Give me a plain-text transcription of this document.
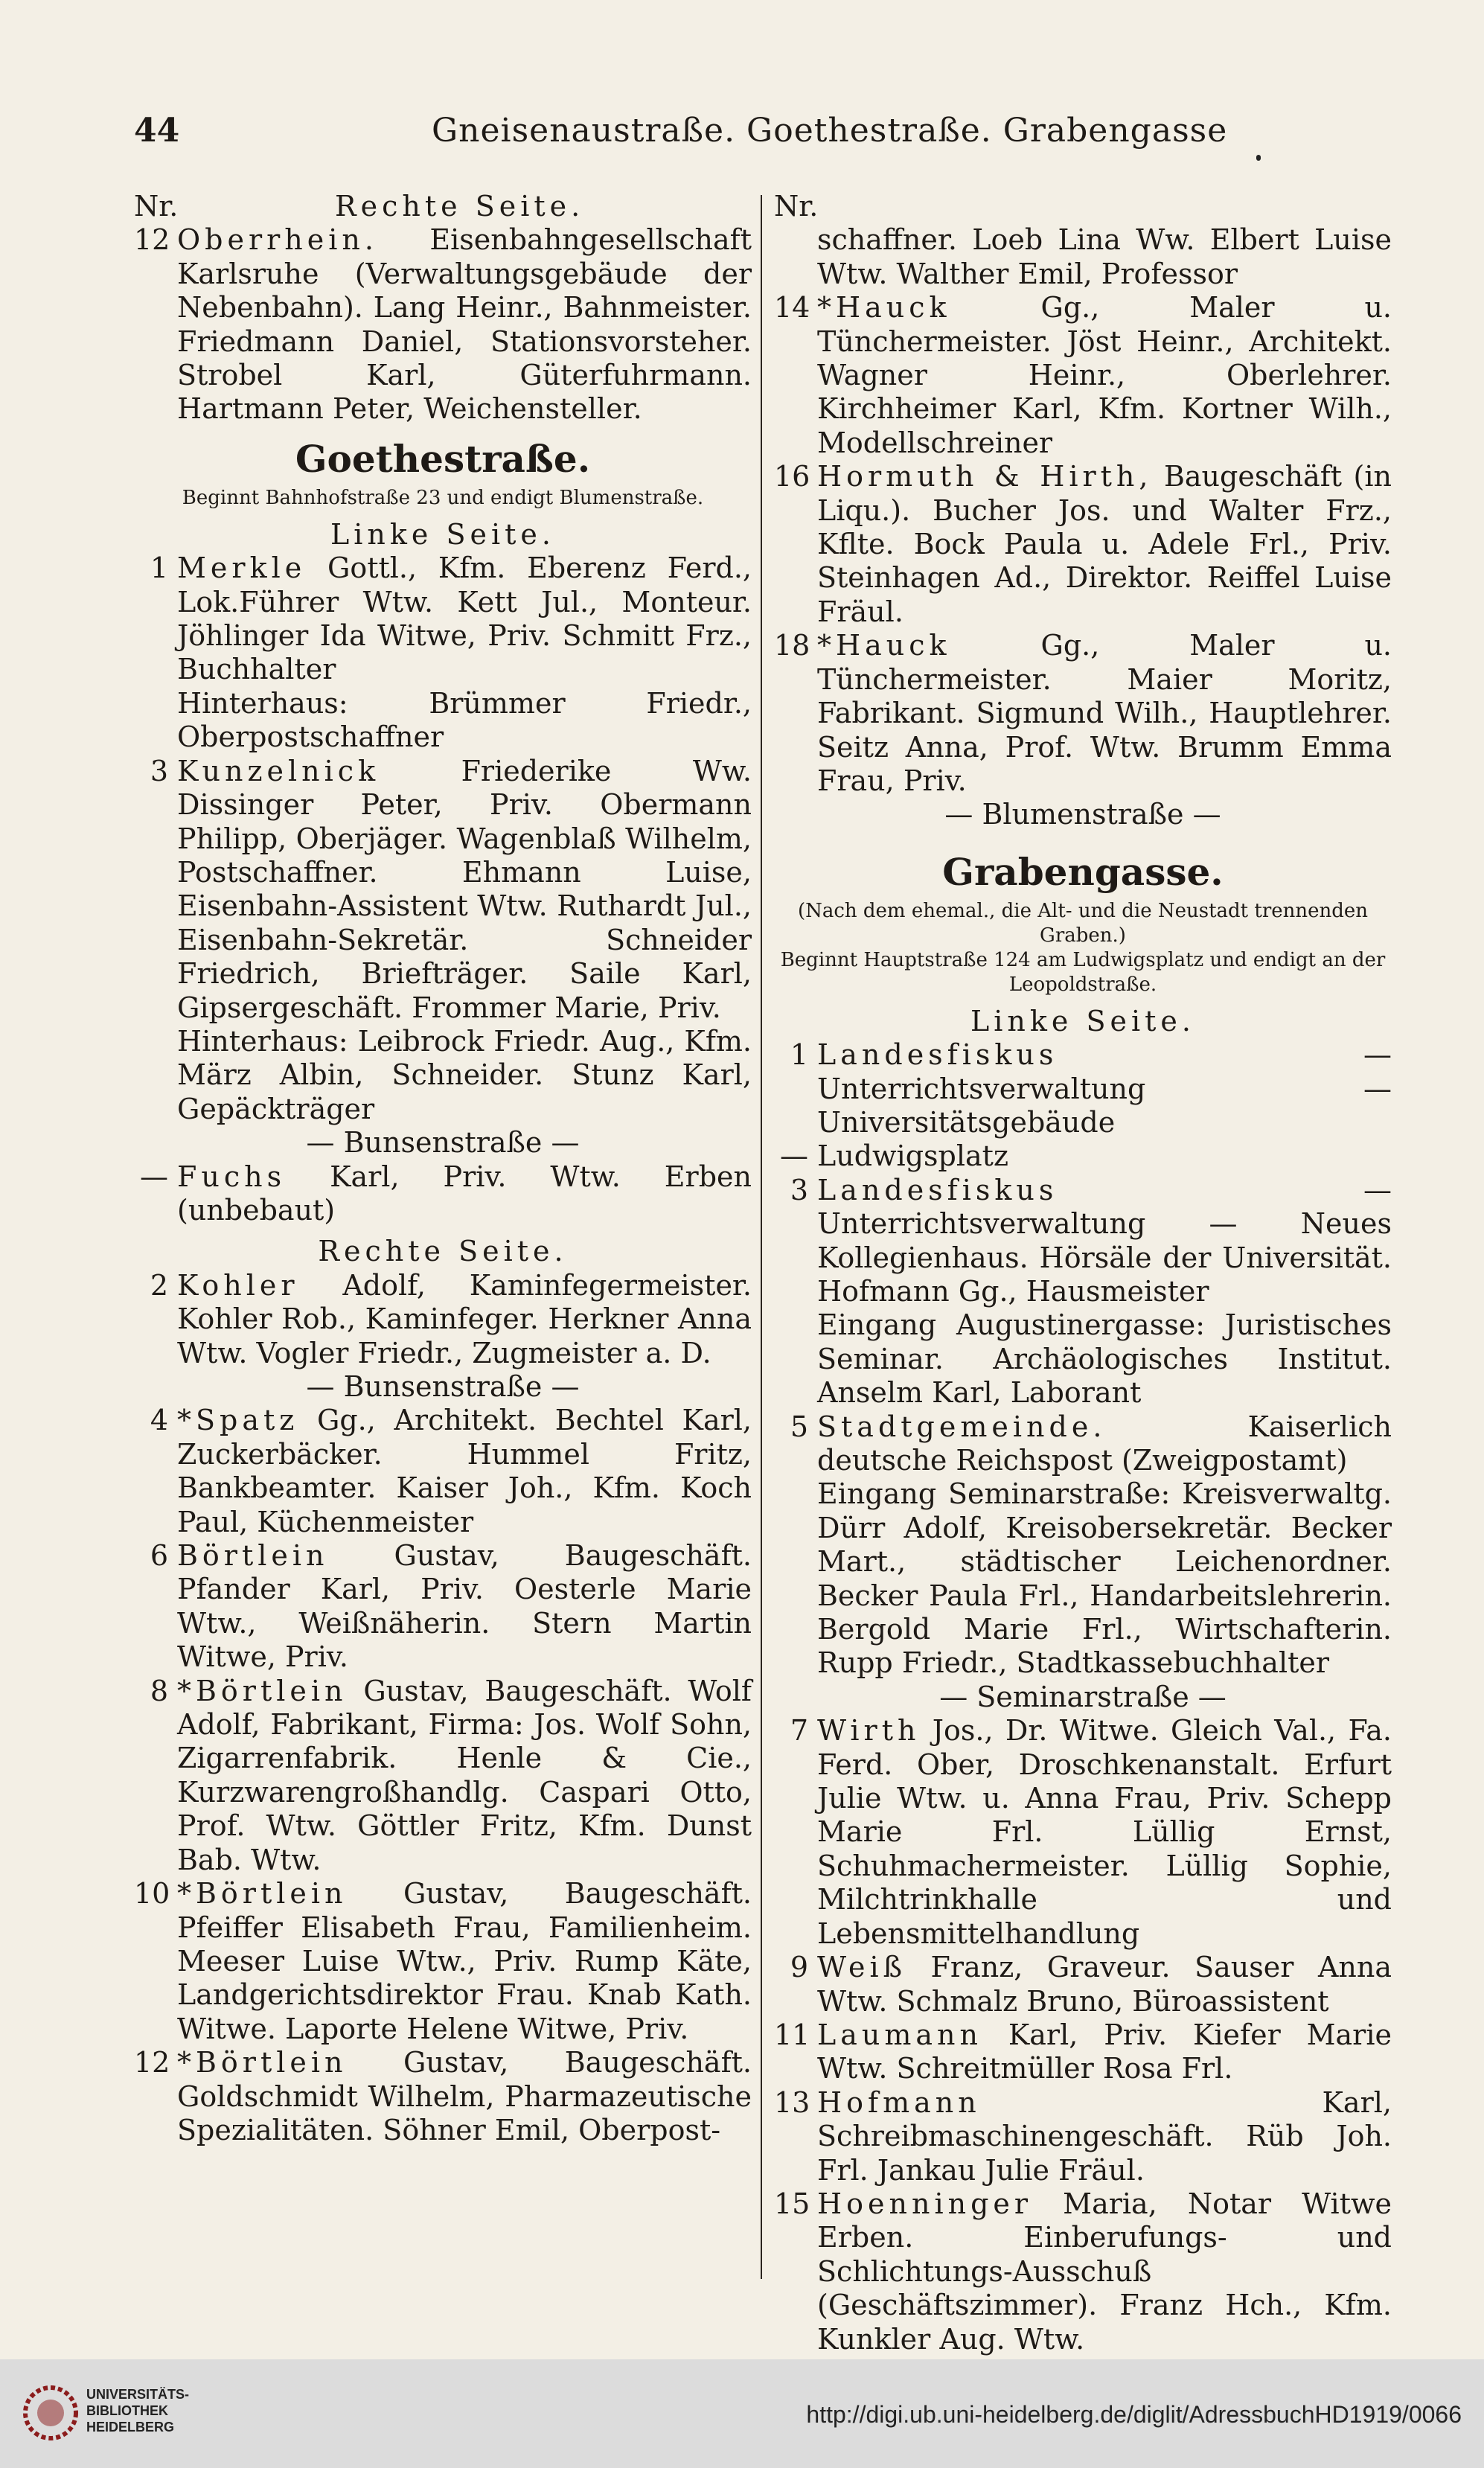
44	Gneisenaustraße. Goethestraße. Grabengasse
Nr.	Rechte Seite.
12 Oberrhein. Eisenbahngesellschaft Karlsruhe (Verwaltungsgebäude der Nebenbahn). Lang Heinr., Bahnmeister. Friedmann Daniel, Stationsvorsteher. Strobel Karl, Güterfuhrmann. Hartmann Peter, Weichensteller.
Goethestraße.
Beginnt Bahnhofstraße 23 und endigt Blumenstraße.
Linke Seite.
1 Merkle Gottl., Kfm. Eberenz Ferd., Lok.Führer Wtw. Kett Jul., Monteur. Jöhlinger Ida Witwe, Priv. Schmitt Frz., Buchhalter
Hinterhaus: Brümmer Friedr., Oberpostschaffner
3 Kunzelnick	Friederike Ww. Dissinger Peter, Priv. Obermann Philipp, Oberjäger. Wagenblaß Wilhelm, Postschaffner. Ehmann Luise, Eisenbahn-Assistent Wtw. Ruthardt Jul., Eisenbahn-Sekretär. Schneider Friedrich, Briefträger. Saile Karl, Gipsergeschäft. Frommer Marie, Priv.
Hinterhaus: Leibrock Friedr. Aug., Kfm. März Albin, Schneider. Stunz Karl, Gepäckträger
— Bunsenstraße —
— Fuchs Karl, Priv. Wtw. Erben (unbebaut)
Rechte Seite.
2 Kohler Adolf, Kaminfegermeister. Kohler Rob., Kaminfeger. Herkner Anna Wtw. Vogler Friedr., Zugmeister a. D.
— Bunsenstraße —
4 *Spatz Gg., Architekt. Bechtel Karl, Zuckerbäcker. Hummel Fritz, Bankbeamter. Kaiser Joh., Kfm. Koch Paul, Küchenmeister
6 Börtlein Gustav, Baugeschäft. Pfander Karl, Priv. Oesterle Marie Wtw., Weißnäherin. Stern Martin Witwe, Priv.
8 *Börtlein Gustav, Baugeschäft. Wolf Adolf, Fabrikant, Firma: Jos. Wolf Sohn, Zigarrenfabrik. Henle & Cie., Kurzwarengroßhandlg. Caspari Otto, Prof. Wtw. Göttler Fritz, Kfm. Dunst Bab. Wtw.
10 *Börtlein Gustav, Baugeschäft. Pfeiffer Elisabeth Frau, Familienheim. Meeser Luise Wtw., Priv. Rump Käte, Landgerichtsdirektor Frau. Knab Kath. Witwe. Laporte Helene Witwe, Priv.
12 *Börtlein Gustav, Baugeschäft. Goldschmidt Wilhelm, Pharmazeutische Spezialitäten. Söhner Emil, Oberpost-
Nr.
schaffner. Loeb Lina Ww. Elbert Luise Wtw. Walther Emil, Professor
14 *Hauck	Gg., Maler u. Tünchermeister. Jöst Heinr., Architekt. Wagner Heinr., Oberlehrer. Kirchheimer Karl, Kfm. Kortner Wilh., Modellschreiner
16 Hormuth & Hirth, Baugeschäft (in Liqu.). Bucher Jos. und Walter Frz., Kflte. Bock Paula u. Adele Frl., Priv. Steinhagen Ad., Direktor. Reiffel Luise Fräul.
18 *Hauck	Gg., Maler u. Tünchermeister. Maier Moritz, Fabrikant. Sigmund Wilh., Hauptlehrer. Seitz Anna, Prof. Wtw. Brumm Emma Frau, Priv.
— Blumenstraße —
Grabengasse.
(Nach dem ehemal., die Alt- und die Neustadt trennenden Graben.)
Beginnt Hauptstraße 124 am Ludwigsplatz und endigt an der Leopoldstraße.
Linke Seite.
1 Landesfiskus	— Unterrichtsverwaltung — Universitätsgebäude
— Ludwigsplatz
3 Landesfiskus	— Unterrichtsverwaltung — Neues Kollegienhaus. Hörsäle der Universität. Hofmann Gg., Hausmeister
Eingang Augustinergasse: Juristisches Seminar. Archäologisches Institut. Anselm Karl, Laborant
5 Stadtgemeinde.	Kaiserlich deutsche Reichspost (Zweigpostamt)
Eingang Seminarstraße: Kreisverwaltg. Dürr Adolf, Kreisobersekretär. Becker Mart., städtischer Leichenordner. Becker Paula Frl., Handarbeitslehrerin. Bergold Marie Frl., Wirtschafterin. Rupp Friedr., Stadtkassebuchhalter
— Seminarstraße —
7 Wirth Jos., Dr. Witwe. Gleich Val., Fa. Ferd. Ober, Droschkenanstalt. Erfurt Julie Wtw. u. Anna Frau, Priv. Schepp Marie Frl. Lüllig Ernst, Schuhmachermeister. Lüllig Sophie, Milchtrinkhalle und Lebensmittelhandlung
9 Weiß Franz, Graveur. Sauser Anna Wtw. Schmalz Bruno, Büroassistent
11 Laumann Karl, Priv. Kiefer Marie Wtw. Schreitmüller Rosa Frl.
13 Hofmann	Karl, Schreibmaschinengeschäft. Rüb Joh. Frl. Jankau Julie Fräul.
15 Hoenninger Maria, Notar Witwe Erben. Einberufungs- und Schlichtungs-Ausschuß (Geschäftszimmer). Franz Hch., Kfm. Kunkler Aug. Wtw.
UNIVERSITÄTS-
BIBLIOTHEK
HEIDELBERG	http://digi.ub.uni-heidelberg.de/diglit/AdressbuchHD1919/0066
